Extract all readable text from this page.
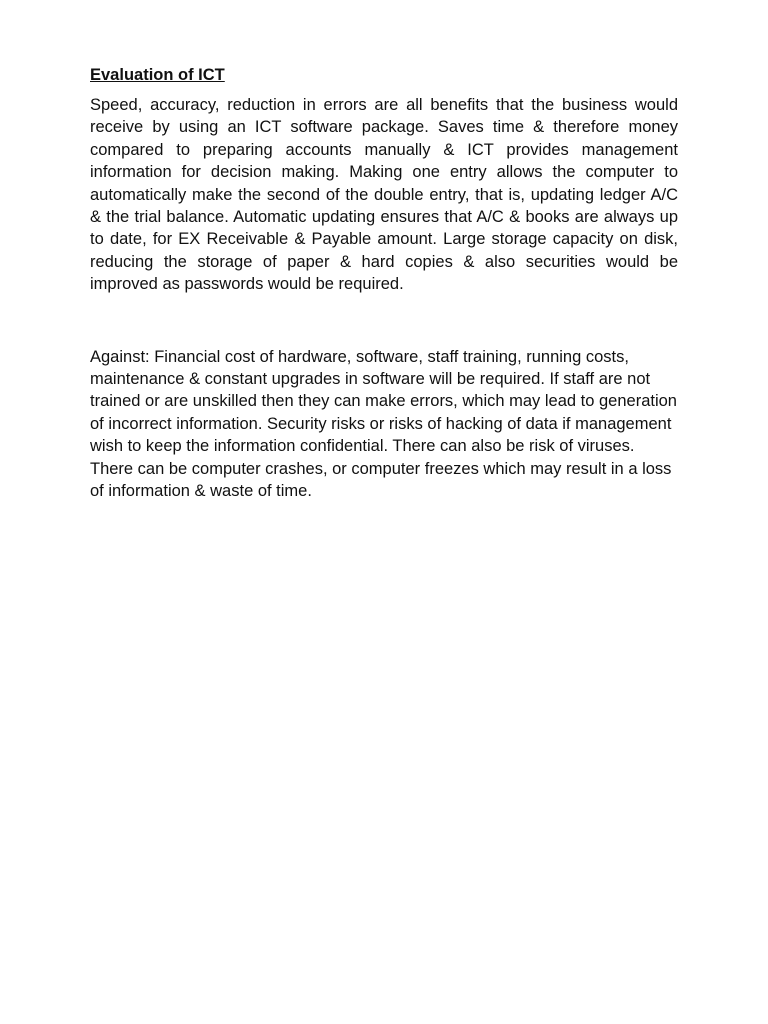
Evaluation of ICT

Speed, accuracy, reduction in errors are all benefits that the business would receive by using an ICT software package. Saves time & therefore money compared to preparing accounts manually & ICT provides management information for decision making. Making one entry allows the computer to automatically make the second of the double entry, that is, updating ledger A/C & the trial balance. Automatic updating ensures that A/C & books are always up to date, for EX Receivable & Payable amount. Large storage capacity on disk, reducing the storage of paper & hard copies & also securities would be improved as passwords would be required.

Against: Financial cost of hardware, software, staff training, running costs, maintenance & constant upgrades in software will be required. If staff are not trained or are unskilled then they can make errors, which may lead to generation of incorrect information. Security risks or risks of hacking of data if management wish to keep the information confidential. There can also be risk of viruses. There can be computer crashes, or computer freezes which may result in a loss of information & waste of time.
